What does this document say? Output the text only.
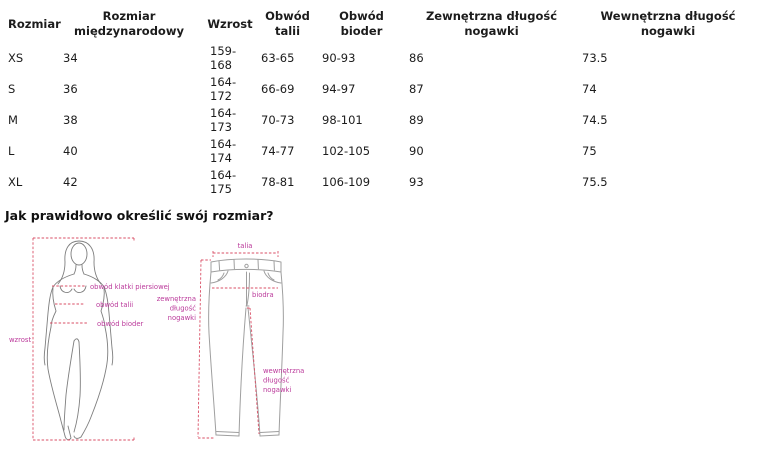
Rozmiar	Rozmiar międzynarodowy	Wzrost	Obwód talii	Obwód bioder	Zewnętrzna długość nogawki	Wewnętrzna długość nogawki
XS	34	159-168	63-65	90-93	86	73.5
S	36	164-172	66-69	94-97	87	74
M	38	164-173	70-73	98-101	89	74.5
L	40	164-174	74-77	102-105	90	75
XL	42	164-175	78-81	106-109	93	75.5
Jak prawidłowo określić swój rozmiar?
wzrost
obwód klatki piersiowej
obwód talii
obwód bioder
talia
biodra
zewnętrzna
długość
nogawki
wewnętrzna
długość
nogawki
